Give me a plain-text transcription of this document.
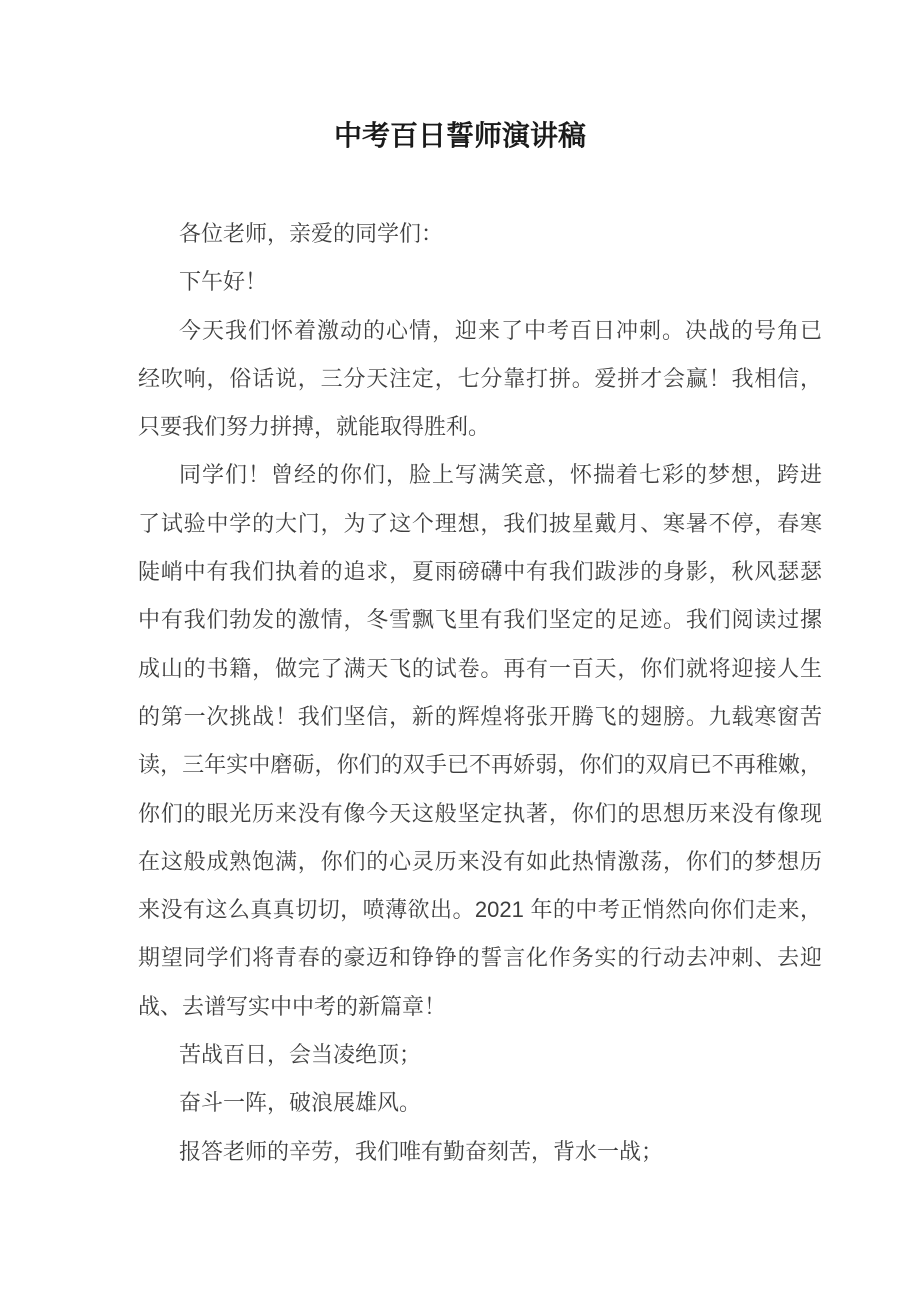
中考百日誓师演讲稿
各位老师，亲爱的同学们：
下午好！
今天我们怀着激动的心情，迎来了中考百日冲刺。决战的号角已
经吹响，俗话说，三分天注定，七分靠打拼。爱拼才会赢！我相信，
只要我们努力拼搏，就能取得胜利。
同学们！曾经的你们，脸上写满笑意，怀揣着七彩的梦想，跨进
了试验中学的大门，为了这个理想，我们披星戴月、寒暑不停，春寒
陡峭中有我们执着的追求，夏雨磅礴中有我们跋涉的身影，秋风瑟瑟
中有我们勃发的激情，冬雪飘飞里有我们坚定的足迹。我们阅读过摞
成山的书籍，做完了满天飞的试卷。再有一百天，你们就将迎接人生
的第一次挑战！我们坚信，新的辉煌将张开腾飞的翅膀。九载寒窗苦
读，三年实中磨砺，你们的双手已不再娇弱，你们的双肩已不再稚嫩，
你们的眼光历来没有像今天这般坚定执著，你们的思想历来没有像现
在这般成熟饱满，你们的心灵历来没有如此热情激荡，你们的梦想历
来没有这么真真切切，喷薄欲出。2021 年的中考正悄然向你们走来，
期望同学们将青春的豪迈和铮铮的誓言化作务实的行动去冲刺、去迎
战、去谱写实中中考的新篇章！
苦战百日，会当凌绝顶；
奋斗一阵，破浪展雄风。
报答老师的辛劳，我们唯有勤奋刻苦，背水一战；
